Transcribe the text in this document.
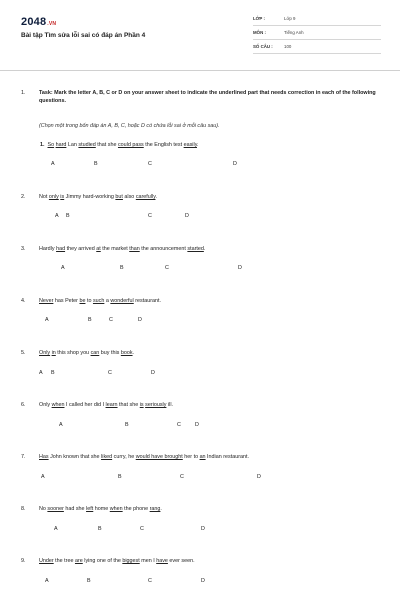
2048.VN
Bài tập Tìm sửa lỗi sai có đáp án Phần 4
LỚP :	Lớp 9
MÔN :	Tiếng Anh
SỐ CÂU :	100
1.	Task: Mark the letter A, B, C or D on your answer sheet to indicate the underlined part that needs correction in each of the following questions.
(Chọn một trong bốn đáp án A, B, C, hoặc D có chứa lỗi sai ở mỗi câu sau).
1. So hard Lan studied that she could pass the English test easily.
A	B	C	D
2.	Not only is Jimmy hard-working but also carefully.
A B	C	D
3.	Hardly had they arrived at the market than the announcement started.
A	B	C	D
4.	Never has Peter be to such a wonderful restaurant.
A	B	C	D
5.	Only in this shop you can buy this book.
A B	C	D
6.	Only when I called her did I learn that she is seriously ill.
A	B	C	D
7.	Has John known that she liked curry, he would have brought her to an Indian restaurant.
A	B	C	D
8.	No sooner had she left home when the phone rang.
A	B	C	D
9.	Under the tree are lying one of the biggest men I have ever seen.
A	B	C	D
